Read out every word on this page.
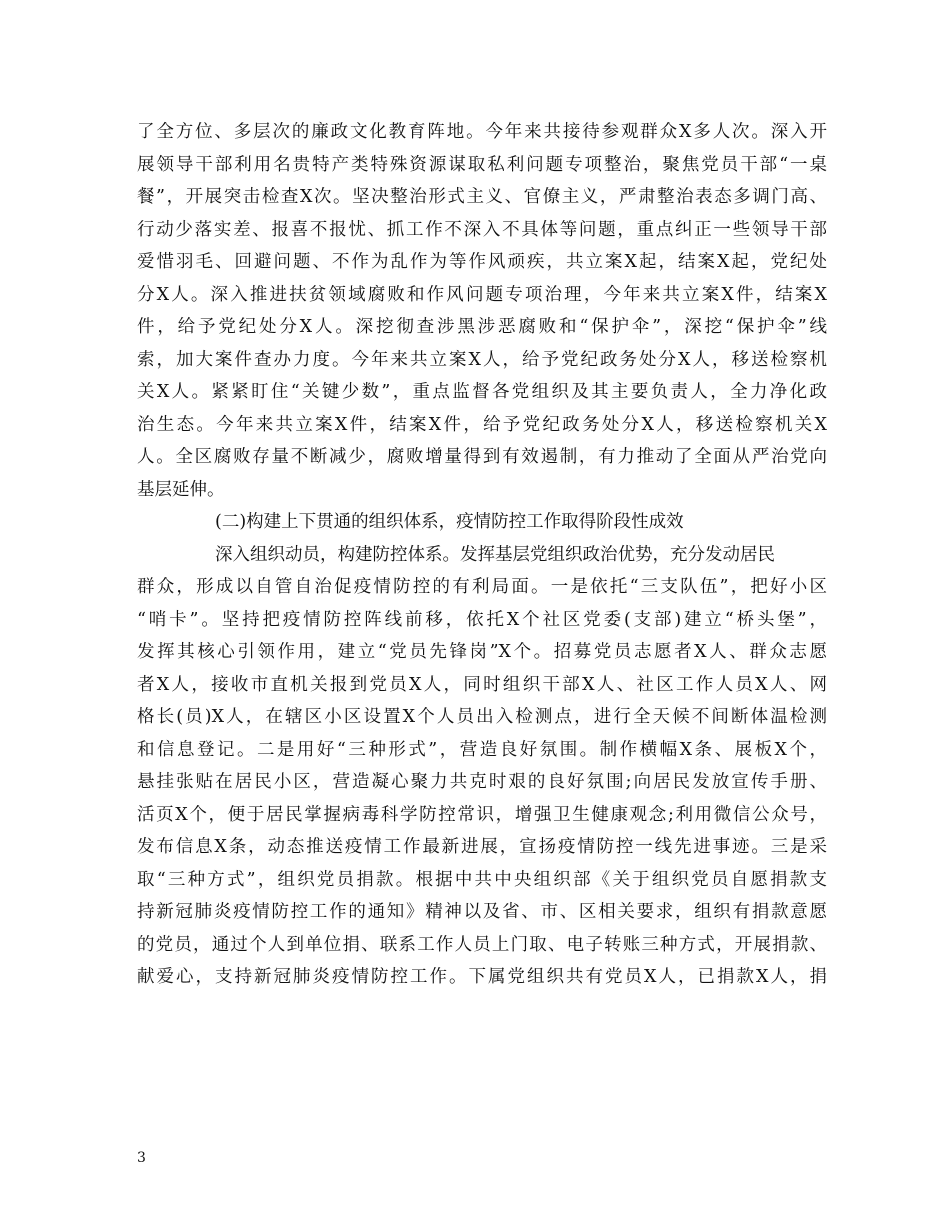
了全方位、多层次的廉政文化教育阵地。今年来共接待参观群众X多人次。深入开
展领导干部利用名贵特产类特殊资源谋取私利问题专项整治，聚焦党员干部“一桌
餐”，开展突击检查X次。坚决整治形式主义、官僚主义，严肃整治表态多调门高、
行动少落实差、报喜不报忧、抓工作不深入不具体等问题，重点纠正一些领导干部
爱惜羽毛、回避问题、不作为乱作为等作风顽疾，共立案X起，结案X起，党纪处
分X人。深入推进扶贫领域腐败和作风问题专项治理，今年来共立案X件，结案X
件，给予党纪处分X人。深挖彻查涉黑涉恶腐败和“保护伞”，深挖“保护伞”线
索，加大案件查办力度。今年来共立案X人，给予党纪政务处分X人，移送检察机
关X人。紧紧盯住“关键少数”，重点监督各党组织及其主要负责人，全力净化政
治生态。今年来共立案X件，结案X件，给予党纪政务处分X人，移送检察机关X
人。全区腐败存量不断减少，腐败增量得到有效遏制，有力推动了全面从严治党向
基层延伸。
(二)构建上下贯通的组织体系，疫情防控工作取得阶段性成效
深入组织动员，构建防控体系。发挥基层党组织政治优势，充分发动居民
群众，形成以自管自治促疫情防控的有利局面。一是依托“三支队伍”，把好小区
“哨卡”。坚持把疫情防控阵线前移，依托X个社区党委(支部)建立“桥头堡”，
发挥其核心引领作用，建立“党员先锋岗”X个。招募党员志愿者X人、群众志愿
者X人，接收市直机关报到党员X人，同时组织干部X人、社区工作人员X人、网
格长(员)X人，在辖区小区设置X个人员出入检测点，进行全天候不间断体温检测
和信息登记。二是用好“三种形式”，营造良好氛围。制作横幅X条、展板X个，
悬挂张贴在居民小区，营造凝心聚力共克时艰的良好氛围;向居民发放宣传手册、
活页X个，便于居民掌握病毒科学防控常识，增强卫生健康观念;利用微信公众号，
发布信息X条，动态推送疫情工作最新进展，宣扬疫情防控一线先进事迹。三是采
取“三种方式”，组织党员捐款。根据中共中央组织部《关于组织党员自愿捐款支
持新冠肺炎疫情防控工作的通知》精神以及省、市、区相关要求，组织有捐款意愿
的党员，通过个人到单位捐、联系工作人员上门取、电子转账三种方式，开展捐款、
献爱心，支持新冠肺炎疫情防控工作。下属党组织共有党员X人，已捐款X人，捐
3
